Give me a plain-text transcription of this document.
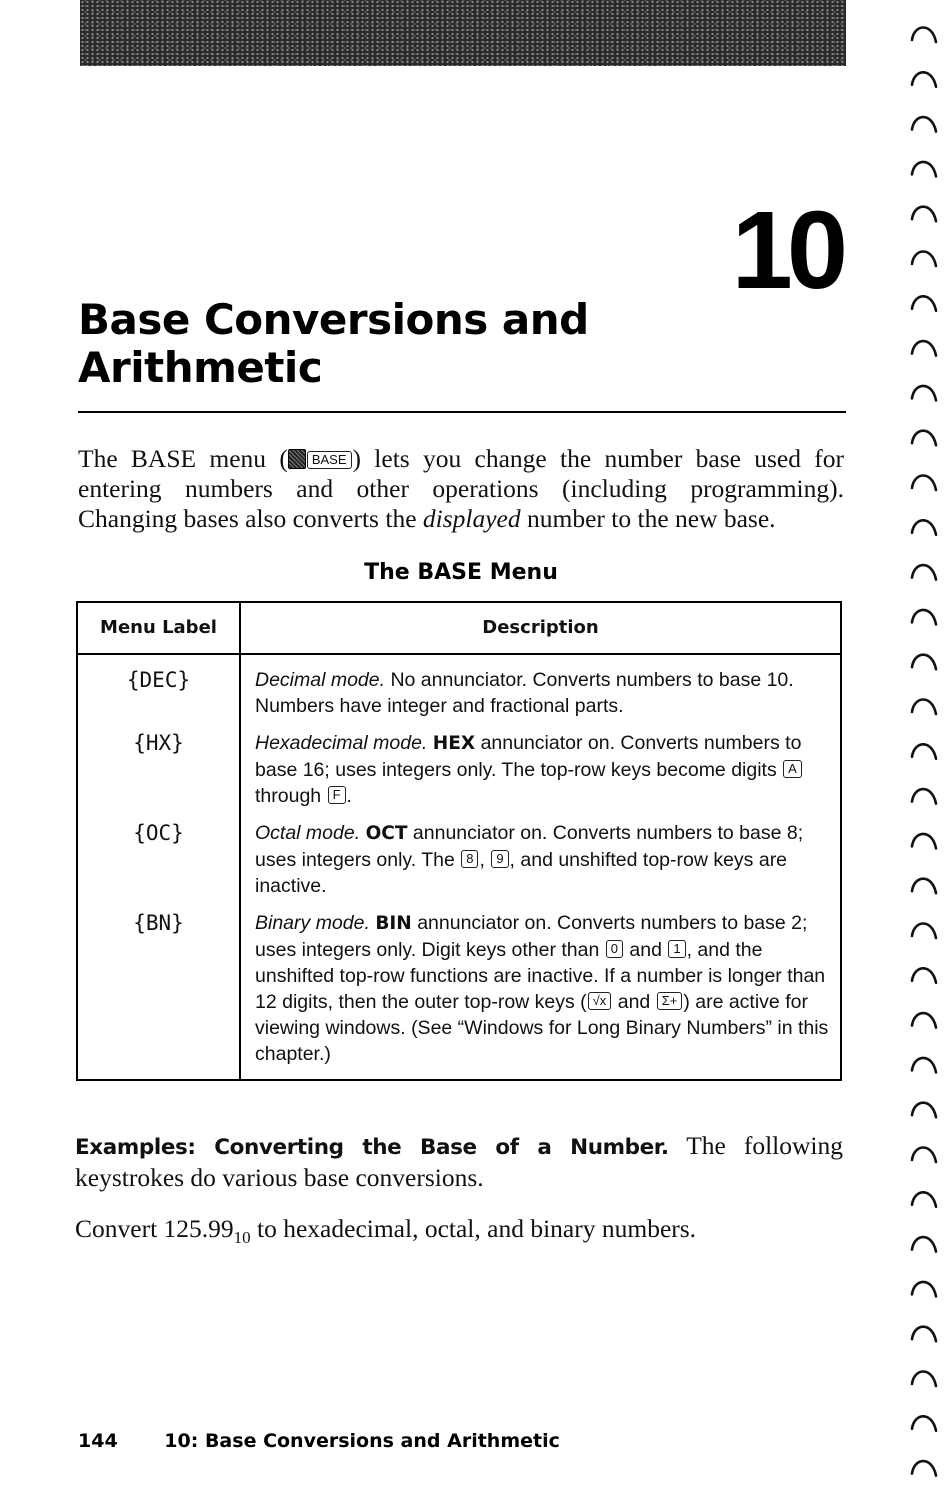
10
Base Conversions and
Arithmetic

The BASE menu ( BASE ) lets you change the number base used for entering numbers and other operations (including programming). Changing bases also converts the displayed number to the new base.

The BASE Menu
Menu Label	Description
{DEC}	Decimal mode. No annunciator. Converts numbers to base 10. Numbers have integer and fractional parts.
{HX}	Hexadecimal mode. HEX annunciator on. Converts numbers to base 16; uses integers only. The top-row keys become digits A through F .
{OC}	Octal mode. OCT annunciator on. Converts numbers to base 8; uses integers only. The 8 , 9 , and unshifted top-row keys are inactive.
{BN}	Binary mode. BIN annunciator on. Converts numbers to base 2; uses integers only. Digit keys other than 0 and 1 , and the unshifted top-row functions are inactive. If a number is longer than 12 digits, then the outer top-row keys ( √x and Σ+ ) are active for viewing windows. (See “Windows for Long Binary Numbers” in this chapter.)

Examples: Converting the Base of a Number. The following keystrokes do various base conversions.

Convert $125.99_{10}$ to hexadecimal, octal, and binary numbers.

144 10: Base Conversions and Arithmetic
